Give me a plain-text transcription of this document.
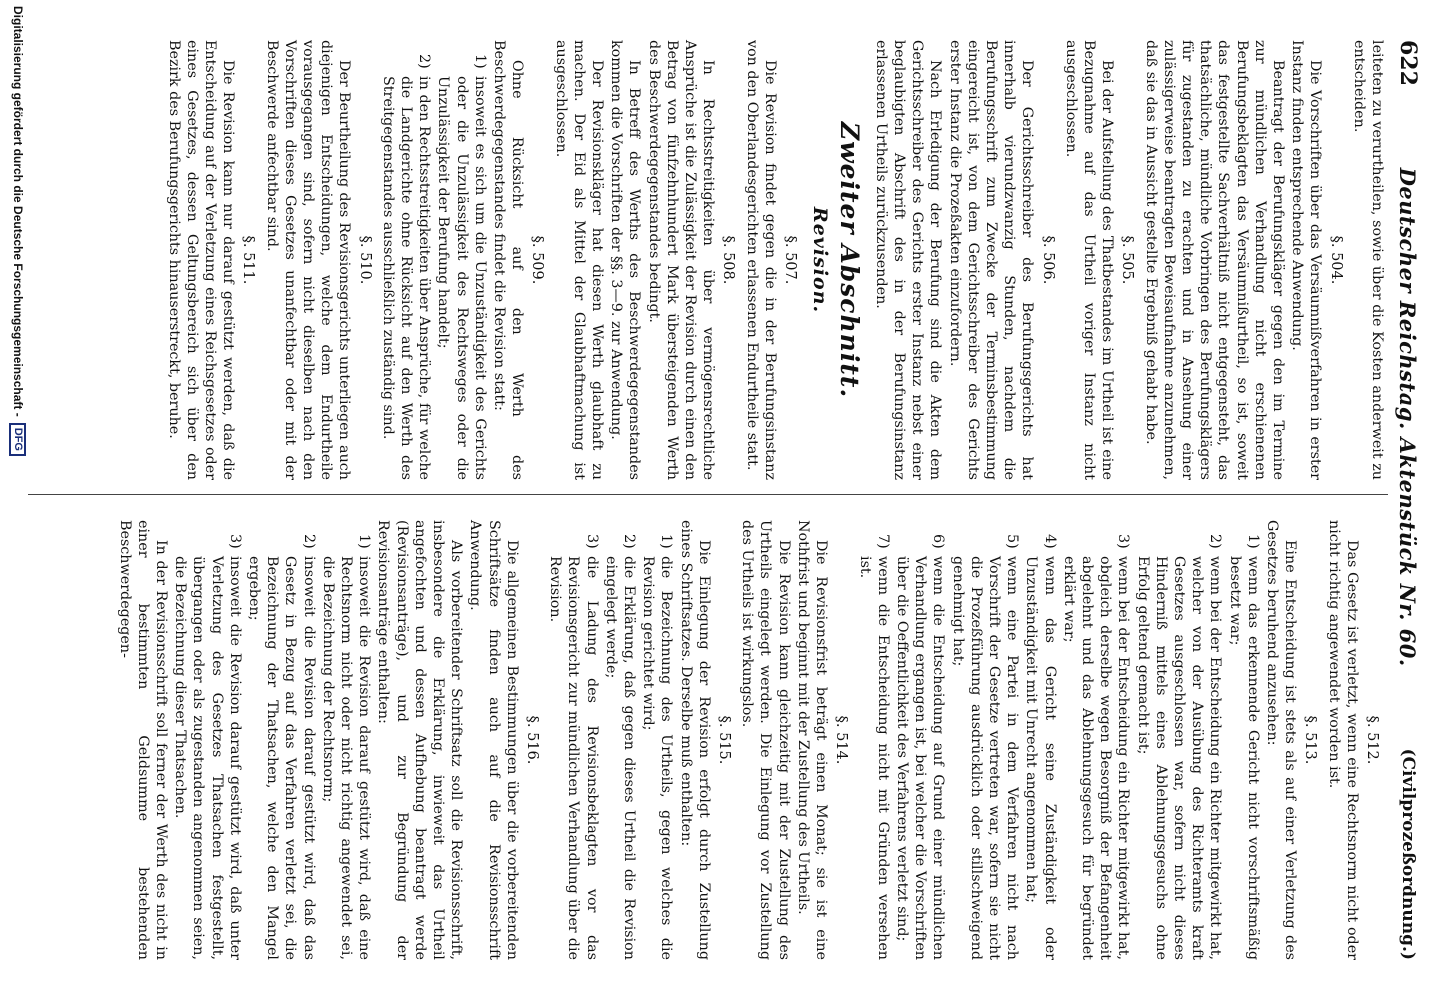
622
Deutscher Reichstag. Aktenstück Nr. 60.
(Civilprozeßordnung.)

leiteten zu verurtheilen, sowie über die Kosten anderweit zu entscheiden.

§. 504.

Die Vorschriften über das Versäumnißverfahren in erster Instanz finden entsprechende Anwendung.

Beantragt der Berufungskläger gegen den im Termine zur mündlichen Verhandlung nicht erschienenen Berufungsbeklagten das Versäumnißurtheil, so ist, soweit das festgestellte Sachverhältniß nicht entgegensteht, das thatsächliche, mündliche Vorbringen des Berufungsklägers für zugestanden zu erachten und in Ansehung einer zulässigerweise beantragten Beweisaufnahme anzunehmen, daß sie das in Aussicht gestellte Ergebniß gehabt habe.

§. 505.

Bei der Aufstellung des Thatbestandes im Urtheil ist eine Bezugnahme auf das Urtheil voriger Instanz nicht ausgeschlossen.

§. 506.

Der Gerichtsschreiber des Berufungsgerichts hat innerhalb vierundzwanzig Stunden, nachdem die Berufungsschrift zum Zwecke der Terminsbestimmung eingereicht ist, von dem Gerichtsschreiber des Gerichts erster Instanz die Prozeßakten einzufordern.

Nach Erledigung der Berufung sind die Akten dem Gerichtsschreiber des Gerichts erster Instanz nebst einer beglaubigten Abschrift des in der Berufungsinstanz erlassenen Urtheils zurückzusenden.

Zweiter Abschnitt.
Revision.
§. 507.

Die Revision findet gegen die in der Berufungsinstanz von den Oberlandesgerichten erlassenen Endurtheile statt.

§. 508.

In Rechtsstreitigkeiten über vermögensrechtliche Ansprüche ist die Zulässigkeit der Revision durch einen den Betrag von fünfzehnhundert Mark übersteigenden Werth des Beschwerdegegenstandes bedingt.

In Betreff des Werths des Beschwerdegegenstandes kommen die Vorschriften der §§. 3—9. zur Anwendung.

Der Revisionskläger hat diesen Werth glaubhaft zu machen. Der Eid als Mittel der Glaubhaftmachung ist ausgeschlossen.

§. 509.

Ohne Rücksicht auf den Werth des Beschwerdegegenstandes findet die Revision statt:

1)
insoweit es sich um die Unzuständigkeit des Gerichts oder die Unzulässigkeit des Rechtsweges oder die Unzulässigkeit der Berufung handelt;

2)
in den Rechtsstreitigkeiten über Ansprüche, für welche die Landgerichte ohne Rücksicht auf den Werth des Streitgegenstandes ausschließlich zuständig sind.

§. 510.

Der Beurtheilung des Revisionsgerichts unterliegen auch diejenigen Entscheidungen, welche dem Endurtheile vorausgegangen sind, sofern nicht dieselben nach den Vorschriften dieses Gesetzes unanfechtbar oder mit der Beschwerde anfechtbar sind.

§. 511.

Die Revision kann nur darauf gestützt werden, daß die Entscheidung auf der Verletzung eines Reichsgesetzes oder eines Gesetzes, dessen Geltungsbereich sich über den Bezirk des Berufungsgerichts hinauserstreckt, beruhe.

§. 512.

Das Gesetz ist verletzt, wenn eine Rechtsnorm nicht oder nicht richtig angewendet worden ist.

§. 513.

Eine Entscheidung ist stets als auf einer Verletzung des Gesetzes beruhend anzusehen:

1)
wenn das erkennende Gericht nicht vorschriftsmäßig besetzt war;

2)
wenn bei der Entscheidung ein Richter mitgewirkt hat, welcher von der Ausübung des Richteramts kraft Gesetzes ausgeschlossen war, sofern nicht dieses Hinderniß mittels eines Ablehnungsgesuchs ohne Erfolg geltend gemacht ist;

3)
wenn bei der Entscheidung ein Richter mitgewirkt hat, obgleich derselbe wegen Besorgniß der Befangenheit abgelehnt und das Ablehnungsgesuch für begründet erklärt war;

4)
wenn das Gericht seine Zuständigkeit oder Unzuständigkeit mit Unrecht angenommen hat;

5)
wenn eine Partei in dem Verfahren nicht nach Vorschrift der Gesetze vertreten war, sofern sie nicht die Prozeßführung ausdrücklich oder stillschweigend genehmigt hat;

6)
wenn die Entscheidung auf Grund einer mündlichen Verhandlung ergangen ist, bei welcher die Vorschriften über die Oeffentlichkeit des Verfahrens verletzt sind;

7)
wenn die Entscheidung nicht mit Gründen versehen ist.

§. 514.

Die Revisionsfrist beträgt einen Monat; sie ist eine Nothfrist und beginnt mit der Zustellung des Urtheils.

Die Revision kann gleichzeitig mit der Zustellung des Urtheils eingelegt werden. Die Einlegung vor Zustellung des Urtheils ist wirkungslos.

§. 515.

Die Einlegung der Revision erfolgt durch Zustellung eines Schriftsatzes. Derselbe muß enthalten:

1)
die Bezeichnung des Urtheils, gegen welches die Revision gerichtet wird;

2)
die Erklärung, daß gegen dieses Urtheil die Revision eingelegt werde;

3)
die Ladung des Revisionsbeklagten vor das Revisionsgericht zur mündlichen Verhandlung über die Revision.

§. 516.

Die allgemeinen Bestimmungen über die vorbereitenden Schriftsätze finden auch auf die Revisionsschrift Anwendung.

Als vorbereitender Schriftsatz soll die Revisionsschrift, insbesondere die Erklärung, inwieweit das Urtheil angefochten und dessen Aufhebung beantragt werde (Revisionsanträge), und zur Begründung der Revisionsanträge enthalten:

1)
insoweit die Revision darauf gestützt wird, daß eine Rechtsnorm nicht oder nicht richtig angewendet sei, die Bezeichnung der Rechtsnorm;

2)
insoweit die Revision darauf gestützt wird, daß das Gesetz in Bezug auf das Verfahren verletzt sei, die Bezeichnung der Thatsachen, welche den Mangel ergeben;

3)
insoweit die Revision darauf gestützt wird, daß unter Verletzung des Gesetzes Thatsachen festgestellt, übergangen oder als zugestanden angenommen seien, die Bezeichnung dieser Thatsachen.

In der Revisionsschrift soll ferner der Werth des nicht in einer bestimmten Geldsumme bestehenden Beschwerdegegen-

Digitalisierung gefördert durch die Deutsche Forschungsgemeinschaft -
DFG
